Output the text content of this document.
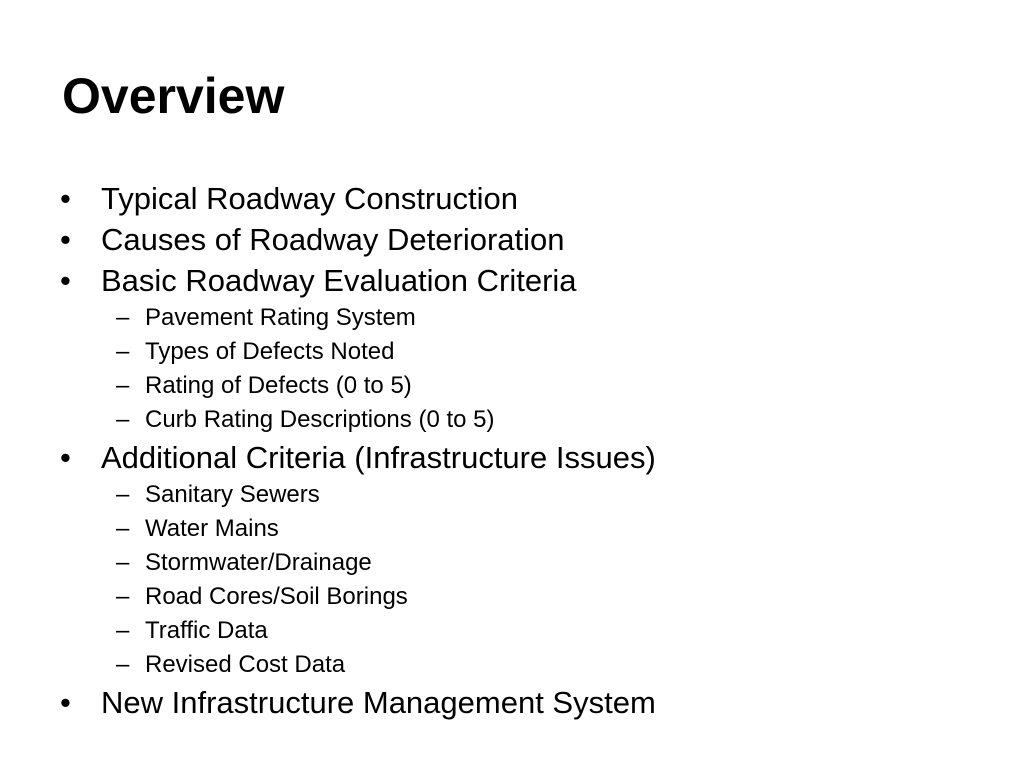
Overview
• Typical Roadway Construction
• Causes of Roadway Deterioration
• Basic Roadway Evaluation Criteria
– Pavement Rating System
– Types of Defects Noted
– Rating of Defects (0 to 5)
– Curb Rating Descriptions (0 to 5)
• Additional Criteria (Infrastructure Issues)
– Sanitary Sewers
– Water Mains
– Stormwater/Drainage
– Road Cores/Soil Borings
– Traffic Data
– Revised Cost Data
• New Infrastructure Management System
